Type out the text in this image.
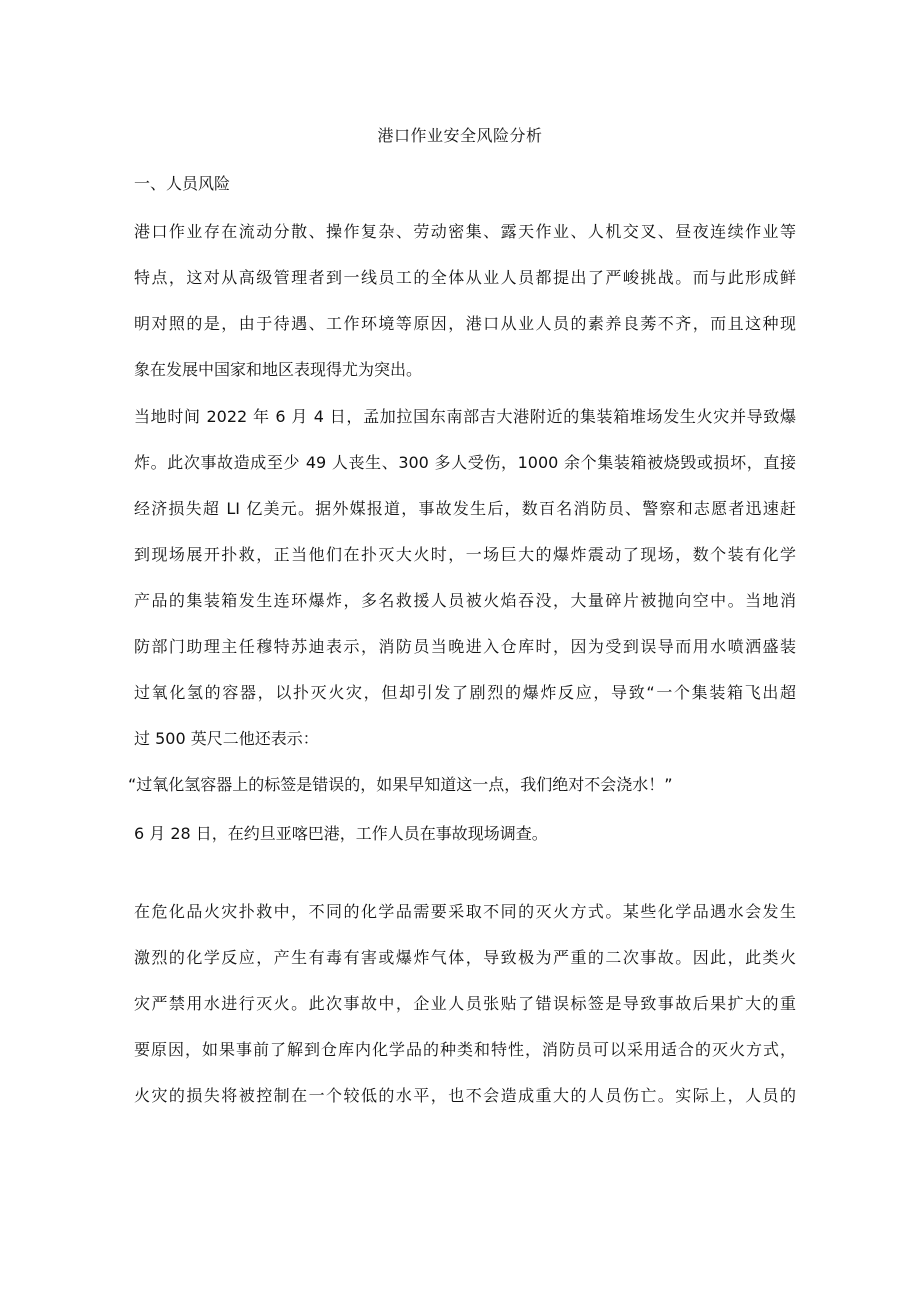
港口作业安全风险分析
一、人员风险
港口作业存在流动分散、操作复杂、劳动密集、露天作业、人机交叉、昼夜连续作业等
特点，这对从高级管理者到一线员工的全体从业人员都提出了严峻挑战。而与此形成鲜
明对照的是，由于待遇、工作环境等原因，港口从业人员的素养良莠不齐，而且这种现
象在发展中国家和地区表现得尤为突出。
当地时间 2022 年 6 月 4 日，孟加拉国东南部吉大港附近的集装箱堆场发生火灾并导致爆
炸。此次事故造成至少 49 人丧生、300 多人受伤，1000 余个集装箱被烧毁或损坏，直接
经济损失超 LI 亿美元。据外媒报道，事故发生后，数百名消防员、警察和志愿者迅速赶
到现场展开扑救，正当他们在扑灭大火时，一场巨大的爆炸震动了现场，数个装有化学
产品的集装箱发生连环爆炸，多名救援人员被火焰吞没，大量碎片被抛向空中。当地消
防部门助理主任穆特苏迪表示，消防员当晚进入仓库时，因为受到误导而用水喷洒盛装
过氧化氢的容器，以扑灭火灾，但却引发了剧烈的爆炸反应，导致“一个集装箱飞出超
过 500 英尺二他还表示：
“过氧化氢容器上的标签是错误的，如果早知道这一点，我们绝对不会浇水！”
6 月 28 日，在约旦亚喀巴港，工作人员在事故现场调查。
在危化品火灾扑救中，不同的化学品需要采取不同的灭火方式。某些化学品遇水会发生
激烈的化学反应，产生有毒有害或爆炸气体，导致极为严重的二次事故。因此，此类火
灾严禁用水进行灭火。此次事故中，企业人员张贴了错误标签是导致事故后果扩大的重
要原因，如果事前了解到仓库内化学品的种类和特性，消防员可以采用适合的灭火方式，
火灾的损失将被控制在一个较低的水平，也不会造成重大的人员伤亡。实际上，人员的
